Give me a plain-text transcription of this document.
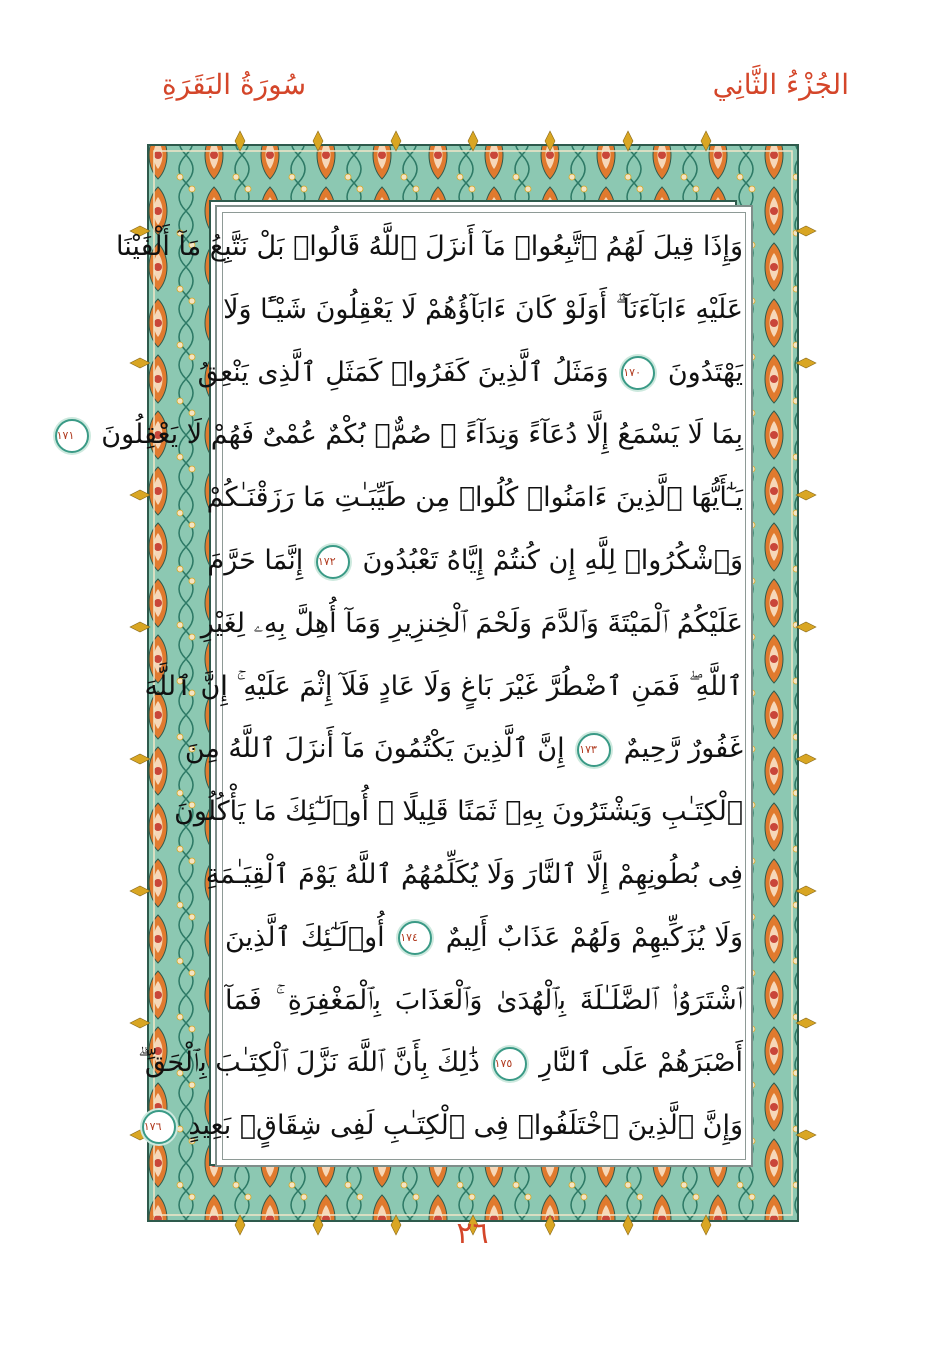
الجُزْءُ الثَّانِي
سُورَةُ البَقَرَةِ
وَإِذَا قِيلَ لَهُمُ ٱتَّبِعُوا۟ مَآ أَنزَلَ ٱللَّهُ قَالُوا۟ بَلْ نَتَّبِعُ مَآ أَلْفَيْنَا
عَلَيْهِ ءَابَآءَنَآ ۗ أَوَلَوْ كَانَ ءَابَآؤُهُمْ لَا يَعْقِلُونَ شَيْـًٔا وَلَا
يَهْتَدُونَ ١٧٠ وَمَثَلُ ٱلَّذِينَ كَفَرُوا۟ كَمَثَلِ ٱلَّذِى يَنْعِقُ
بِمَا لَا يَسْمَعُ إِلَّا دُعَآءً وَنِدَآءً ۚ صُمٌّۢ بُكْمٌ عُمْىٌ فَهُمْ لَا يَعْقِلُونَ ١٧١
يَـٰٓأَيُّهَا ٱلَّذِينَ ءَامَنُوا۟ كُلُوا۟ مِن طَيِّبَـٰتِ مَا رَزَقْنَـٰكُمْ
وَٱشْكُرُوا۟ لِلَّهِ إِن كُنتُمْ إِيَّاهُ تَعْبُدُونَ ١٧٢ إِنَّمَا حَرَّمَ
عَلَيْكُمُ ٱلْمَيْتَةَ وَٱلدَّمَ وَلَحْمَ ٱلْخِنزِيرِ وَمَآ أُهِلَّ بِهِۦ لِغَيْرِ
ٱللَّهِ ۖ فَمَنِ ٱضْطُرَّ غَيْرَ بَاغٍ وَلَا عَادٍ فَلَآ إِثْمَ عَلَيْهِ ۚ إِنَّ ٱللَّهَ
غَفُورٌ رَّحِيمٌ ١٧٣ إِنَّ ٱلَّذِينَ يَكْتُمُونَ مَآ أَنزَلَ ٱللَّهُ مِنَ
ٱلْكِتَـٰبِ وَيَشْتَرُونَ بِهِۦ ثَمَنًا قَلِيلًا ۙ أُو۟لَـٰٓئِكَ مَا يَأْكُلُونَ
فِى بُطُونِهِمْ إِلَّا ٱلنَّارَ وَلَا يُكَلِّمُهُمُ ٱللَّهُ يَوْمَ ٱلْقِيَـٰمَةِ
وَلَا يُزَكِّيهِمْ وَلَهُمْ عَذَابٌ أَلِيمٌ ١٧٤ أُو۟لَـٰٓئِكَ ٱلَّذِينَ
ٱشْتَرَوُا۟ ٱلضَّلَـٰلَةَ بِٱلْهُدَىٰ وَٱلْعَذَابَ بِٱلْمَغْفِرَةِ ۚ فَمَآ
أَصْبَرَهُمْ عَلَى ٱلنَّارِ ١٧٥ ذَٰلِكَ بِأَنَّ ٱللَّهَ نَزَّلَ ٱلْكِتَـٰبَ بِٱلْحَقِّ ۗ
وَإِنَّ ٱلَّذِينَ ٱخْتَلَفُوا۟ فِى ٱلْكِتَـٰبِ لَفِى شِقَاقٍۭ بَعِيدٍ ١٧٦
٢٦
